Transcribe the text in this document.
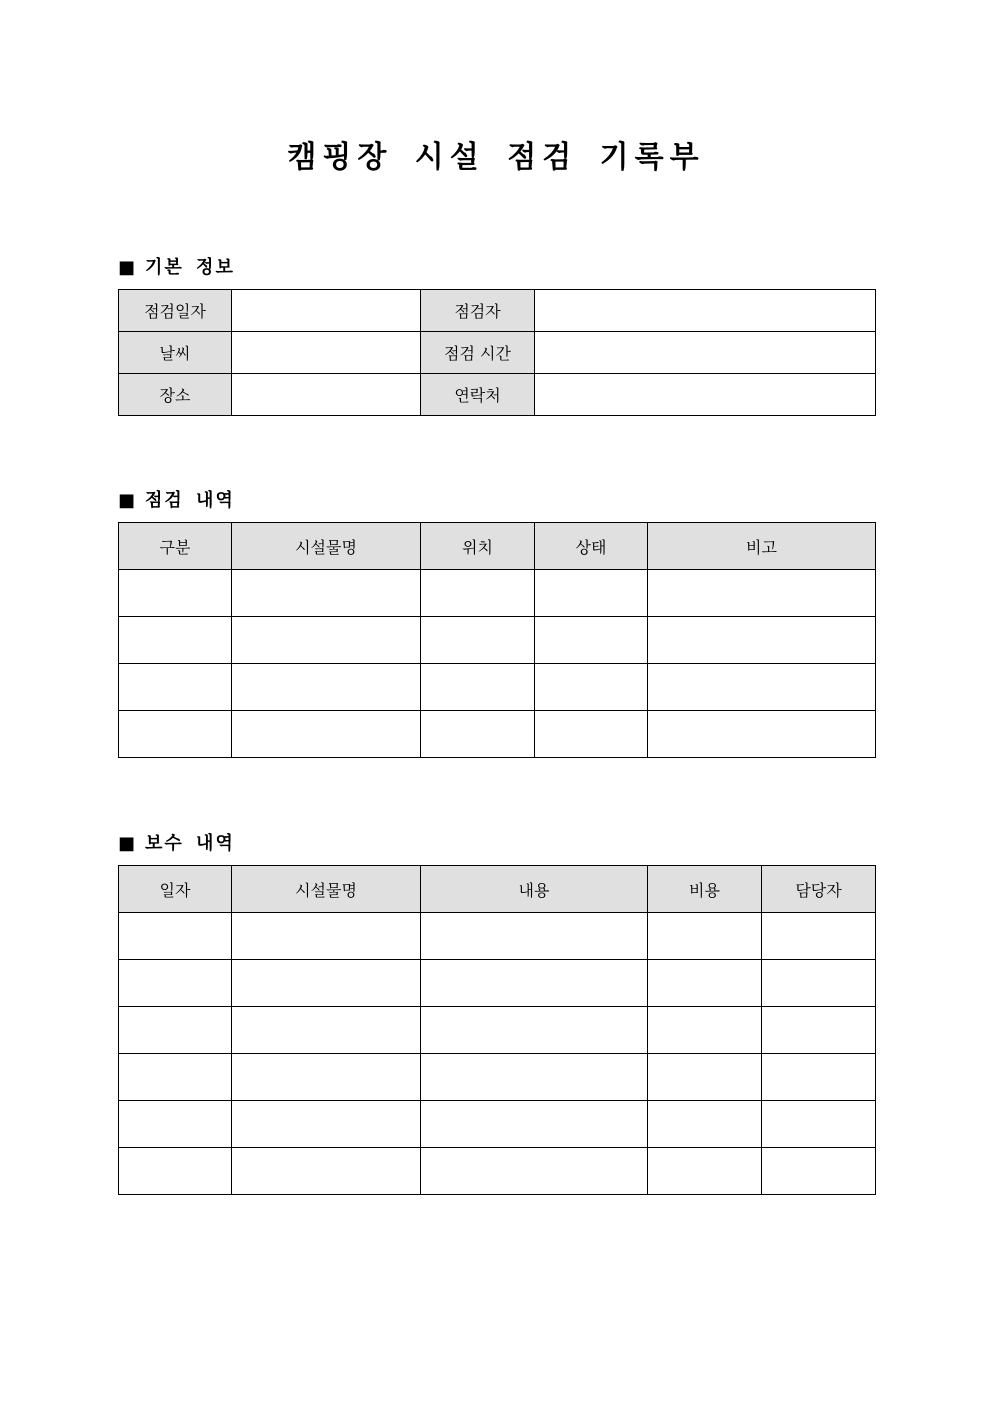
캠핑장 시설 점검 기록부
■ 기본 정보
점검일자		점검자	
날씨		점검 시간	
장소		연락처	
■ 점검 내역
구분	시설물명	위치	상태	비고

■ 보수 내역
일자	시설물명	내용	비용	담당자
